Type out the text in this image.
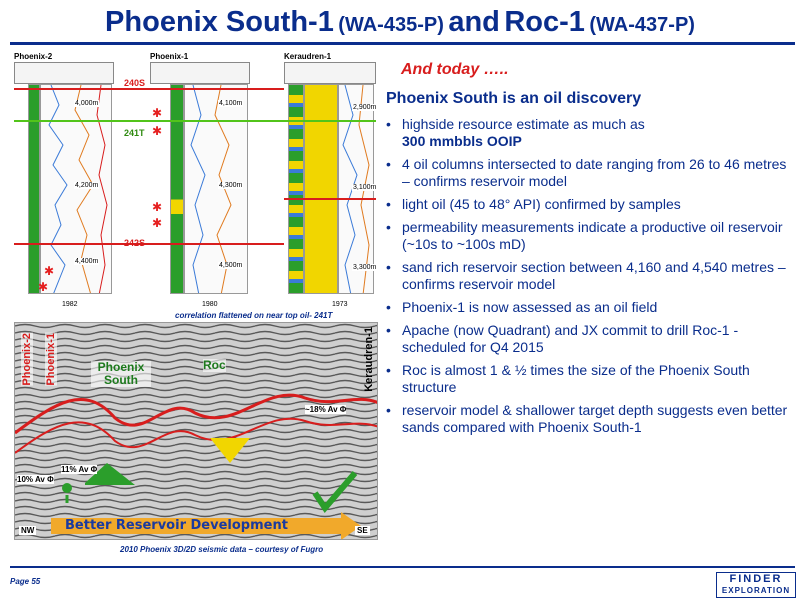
Phoenix South-1 (WA-435-P) and Roc-1 (WA-437-P)
Phoenix-2
4,000m
4,200m
4,400m
✱
✱
1982
Phoenix-1
4,100m
4,300m
4,500m
✱
✱
✱
✱
1980
Keraudren-1
2,900m
3,100m
3,300m
1973
240S
241T
242S
correlation flattened on near top oil- 241T
Phoenix-2 Phoenix-1	Keraudren-1
Phoenix South
Roc
~18% Av Φ
11% Av Φ
10% Av Φ
Better Reservoir Development
NW	SE
2010 Phoenix 3D/2D seismic data – courtesy of Fugro
And today …..
Phoenix South is an oil discovery
• highside resource estimate as much as
300 mmbbls OOIP
• 4 oil columns intersected to date ranging from 26 to 46 metres – confirms reservoir model
• light oil (45 to 48° API) confirmed by samples
• permeability measurements indicate a productive oil reservoir (~10s to ~100s mD)
• sand rich reservoir section between 4,160 and 4,540 metres – confirms reservoir model
• Phoenix-1 is now assessed as an oil field
• Apache (now Quadrant) and JX commit to drill Roc-1 - scheduled for Q4 2015
• Roc is almost 1 & ½ times the size of the Phoenix South structure
• reservoir model & shallower target depth suggests even better sands compared with Phoenix South-1
Page 55	FINDER
EXPLORATION
